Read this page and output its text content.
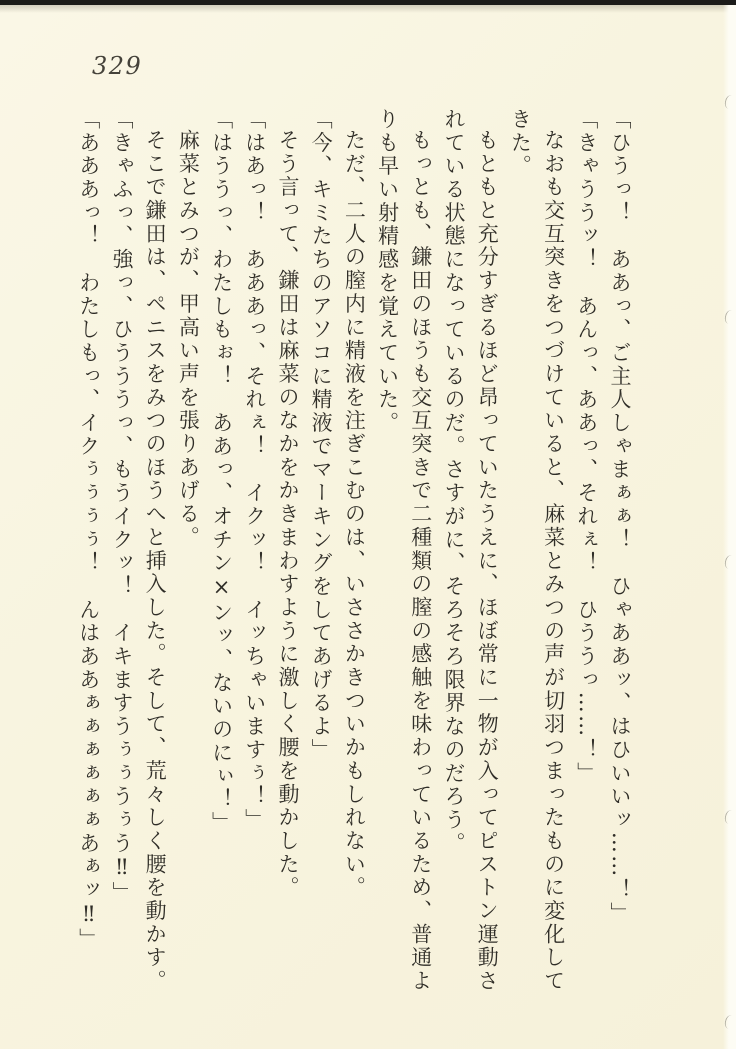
329

「ひうっ！　ああっ、ご主人しゃまぁぁ！　ひゃああッ、はひいいッ……！」

「きゃううッ！　あんっ、ああっ、それぇ！　ひううっ……！」

なおも交互突きをつづけていると、麻菜とみつの声が切羽つまったものに変化してきた。

もともと充分すぎるほど昂っていたうえに、ほぼ常に一物が入ってピストン運動されている状態になっているのだ。さすがに、そろそろ限界なのだろう。

もっとも、鎌田のほうも交互突きで二種類の膣の感触を味わっているため、普通よりも早い射精感を覚えていた。

ただ、二人の膣内に精液を注ぎこむのは、いささかきついかもしれない。

「今、キミたちのアソコに精液でマーキングをしてあげるよ」

そう言って、鎌田は麻菜のなかをかきまわすように激しく腰を動かした。

「はあっ！　あああっ、それぇ！　イクッ！　イッちゃいますぅ！」

「はううっ、わたしもぉ！　ああっ、オチン×ンッ、ないのにぃ！」

麻菜とみつが、甲高い声を張りあげる。

そこで鎌田は、ペニスをみつのほうへと挿入した。そして、荒々しく腰を動かす。

「きゃふっ、強っ、ひうううっ、もうイクッ！　イキますうぅぅうぅう‼」

「あああっ！　わたしもっ、イクぅぅぅぅ！　んはああぁぁぁぁぁぁあぁッ‼」
